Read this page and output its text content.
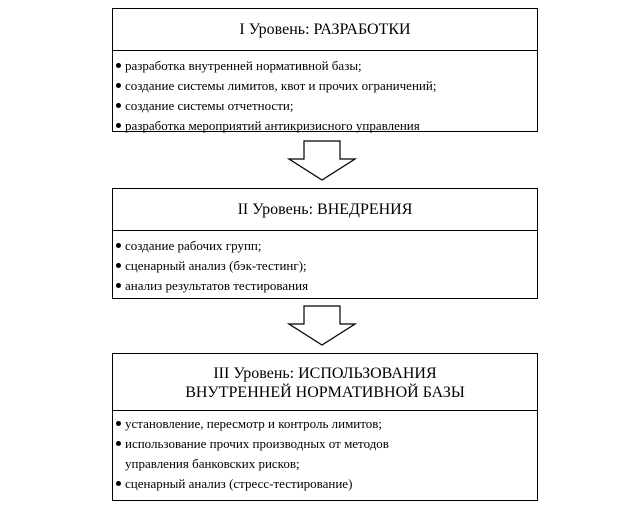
I Уровень: РАЗРАБОТКИ
разработка внутренней нормативной базы;
создание системы лимитов, квот и прочих ограничений;
создание системы отчетности;
разработка мероприятий антикризисного управления
II Уровень: ВНЕДРЕНИЯ
создание рабочих групп;
сценарный анализ (бэк-тестинг);
анализ результатов тестирования
III Уровень: ИСПОЛЬЗОВАНИЯ
ВНУТРЕННЕЙ НОРМАТИВНОЙ БАЗЫ
установление, пересмотр и контроль лимитов;
использование прочих производных от методов
управления банковских рисков;
сценарный анализ (стресс-тестирование)
